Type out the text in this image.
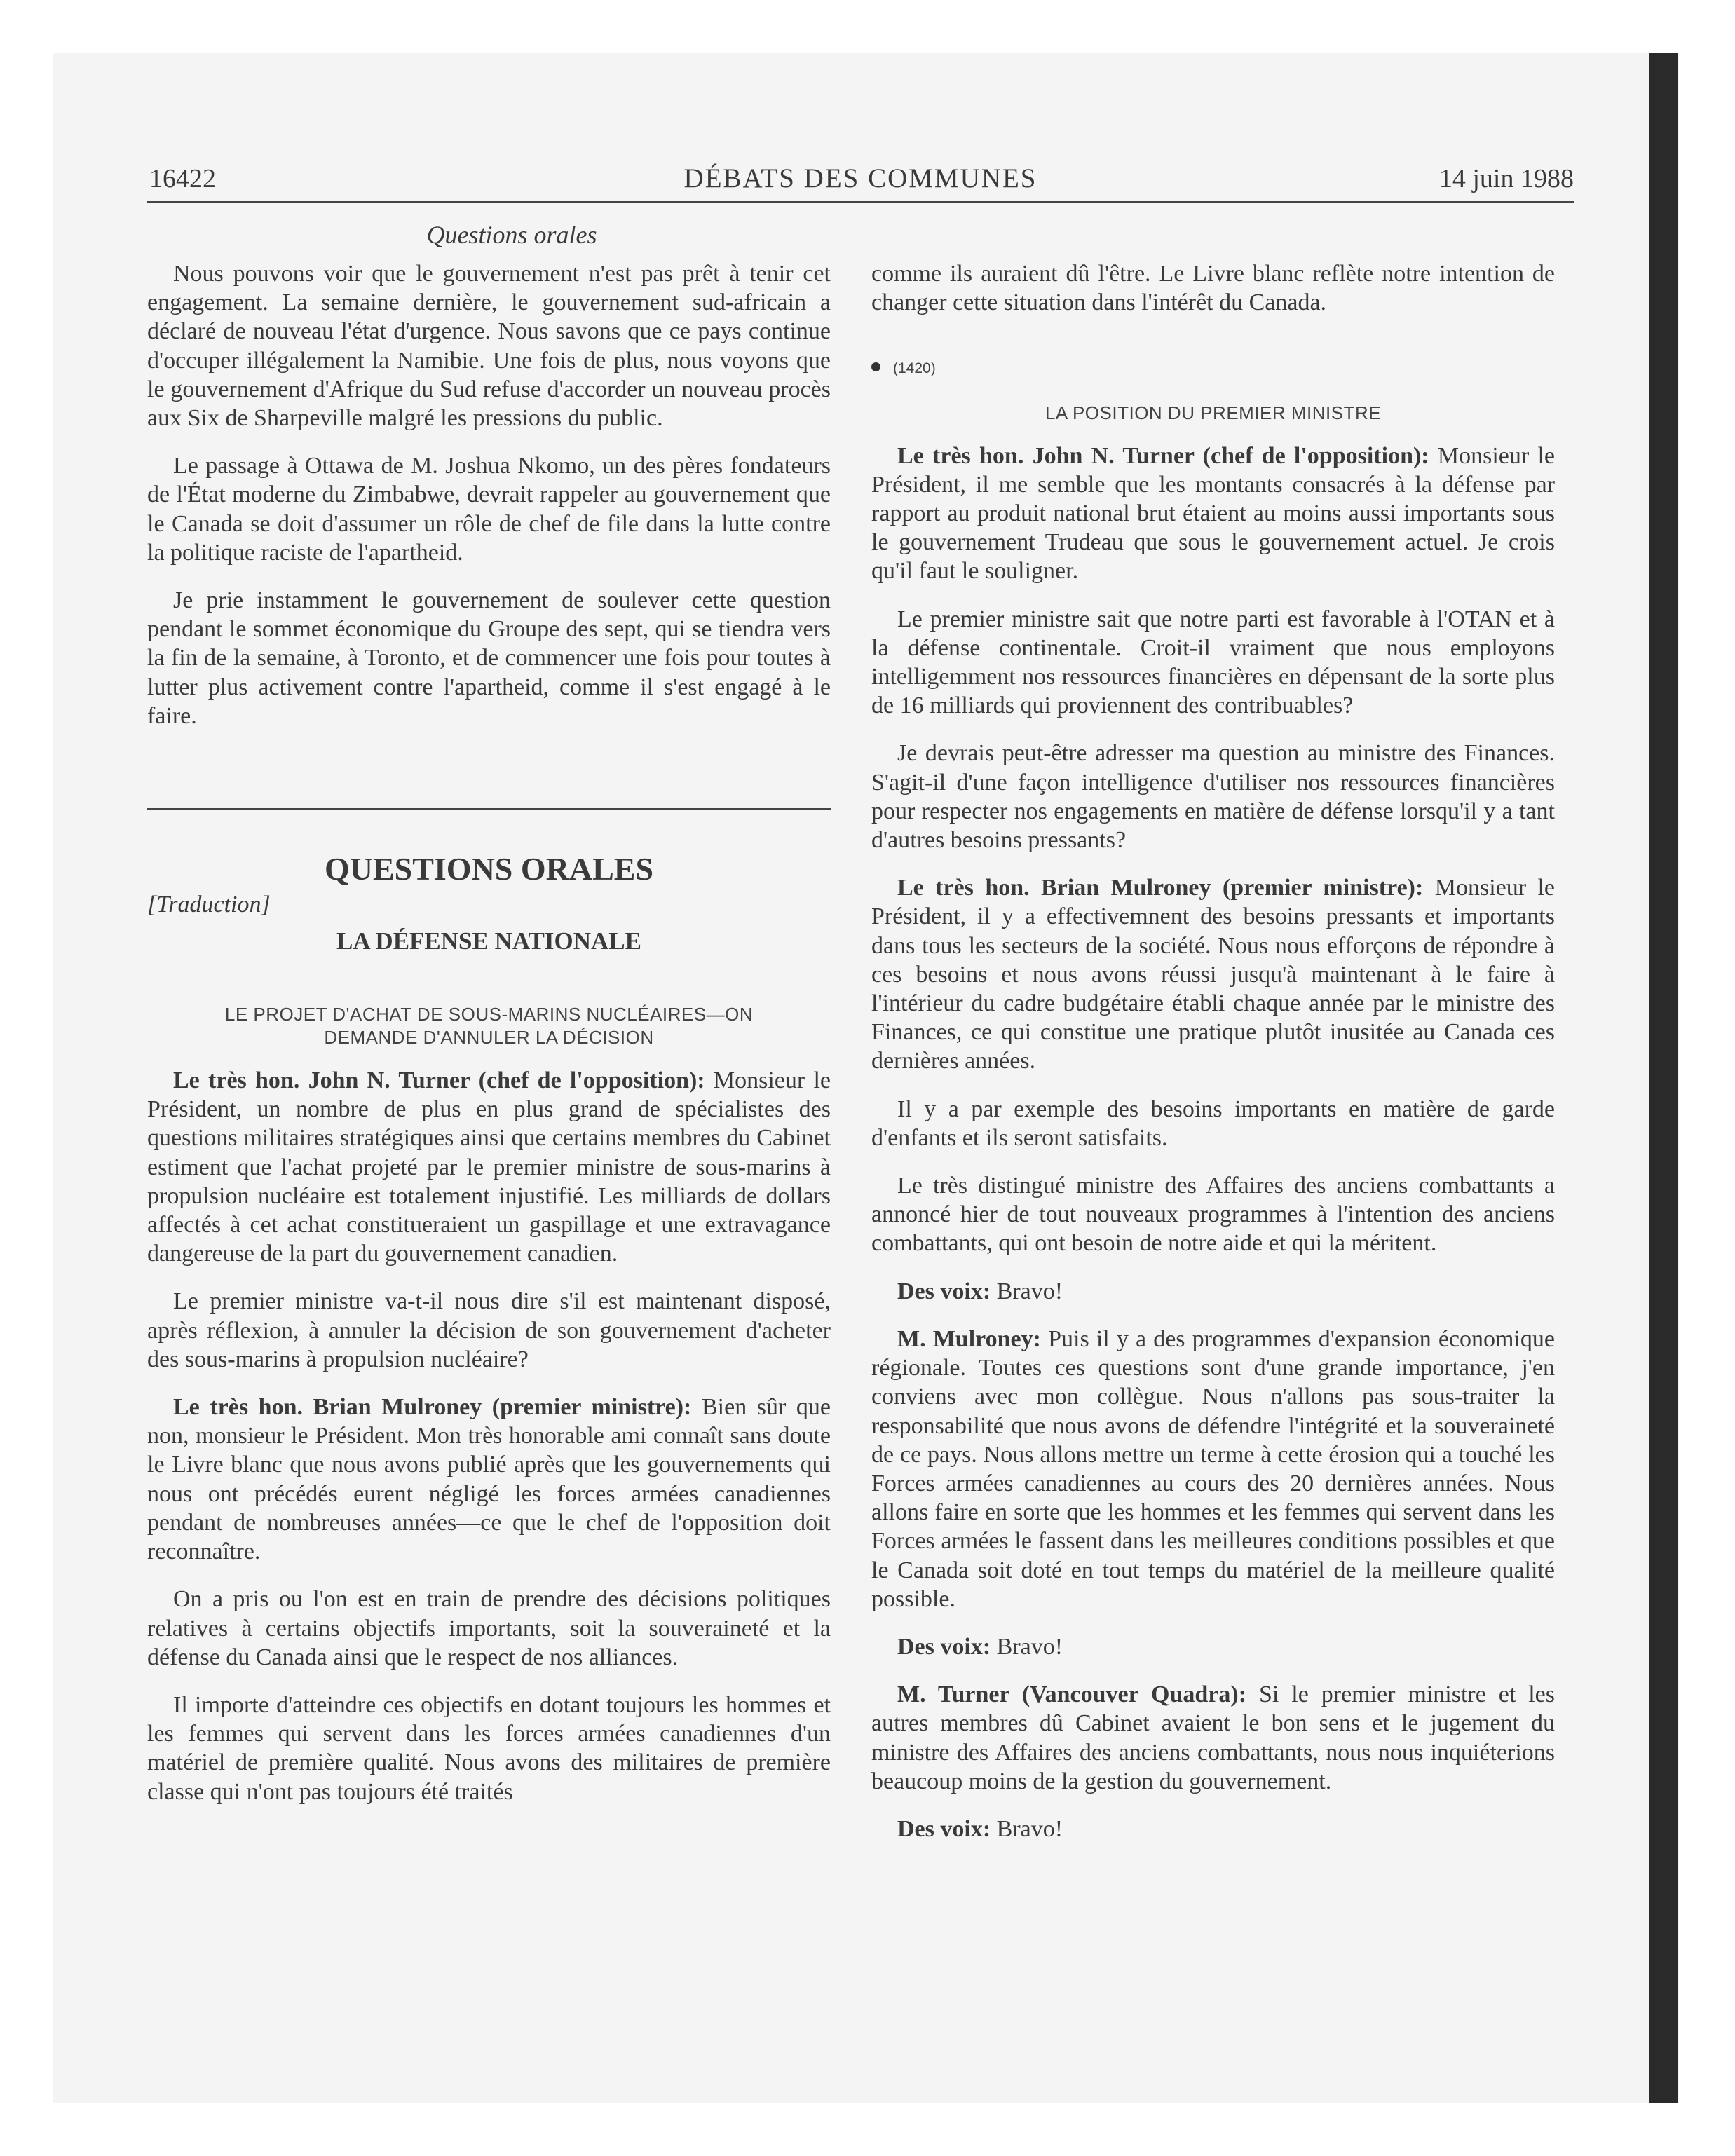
16422	DÉBATS DES COMMUNES	14 juin 1988
Questions orales

Nous pouvons voir que le gouvernement n'est pas prêt à tenir cet engagement. La semaine dernière, le gouvernement sud-africain a déclaré de nouveau l'état d'urgence. Nous savons que ce pays continue d'occuper illégalement la Namibie. Une fois de plus, nous voyons que le gouvernement d'Afrique du Sud refuse d'accorder un nouveau procès aux Six de Sharpeville malgré les pressions du public.

Le passage à Ottawa de M. Joshua Nkomo, un des pères fondateurs de l'État moderne du Zimbabwe, devrait rappeler au gouvernement que le Canada se doit d'assumer un rôle de chef de file dans la lutte contre la politique raciste de l'apartheid.

Je prie instamment le gouvernement de soulever cette question pendant le sommet économique du Groupe des sept, qui se tiendra vers la fin de la semaine, à Toronto, et de commencer une fois pour toutes à lutter plus activement contre l'apartheid, comme il s'est engagé à le faire.

QUESTIONS ORALES
[Traduction]
LA DÉFENSE NATIONALE
LE PROJET D'ACHAT DE SOUS-MARINS NUCLÉAIRES—ON
DEMANDE D'ANNULER LA DÉCISION

Le très hon. John N. Turner (chef de l'opposition): Monsieur le Président, un nombre de plus en plus grand de spécialistes des questions militaires stratégiques ainsi que certains membres du Cabinet estiment que l'achat projeté par le premier ministre de sous-marins à propulsion nucléaire est totalement injustifié. Les milliards de dollars affectés à cet achat constitueraient un gaspillage et une extravagance dangereuse de la part du gouvernement canadien.

Le premier ministre va-t-il nous dire s'il est maintenant disposé, après réflexion, à annuler la décision de son gouvernement d'acheter des sous-marins à propulsion nucléaire?

Le très hon. Brian Mulroney (premier ministre): Bien sûr que non, monsieur le Président. Mon très honorable ami connaît sans doute le Livre blanc que nous avons publié après que les gouvernements qui nous ont précédés eurent négligé les forces armées canadiennes pendant de nombreuses années—ce que le chef de l'opposition doit reconnaître.

On a pris ou l'on est en train de prendre des décisions politiques relatives à certains objectifs importants, soit la souveraineté et la défense du Canada ainsi que le respect de nos alliances.

Il importe d'atteindre ces objectifs en dotant toujours les hommes et les femmes qui servent dans les forces armées canadiennes d'un matériel de première qualité. Nous avons des militaires de première classe qui n'ont pas toujours été traités

comme ils auraient dû l'être. Le Livre blanc reflète notre intention de changer cette situation dans l'intérêt du Canada.

(1420)
LA POSITION DU PREMIER MINISTRE

Le très hon. John N. Turner (chef de l'opposition): Monsieur le Président, il me semble que les montants consacrés à la défense par rapport au produit national brut étaient au moins aussi importants sous le gouvernement Trudeau que sous le gouvernement actuel. Je crois qu'il faut le souligner.

Le premier ministre sait que notre parti est favorable à l'OTAN et à la défense continentale. Croit-il vraiment que nous employons intelligemment nos ressources financières en dépensant de la sorte plus de 16 milliards qui proviennent des contribuables?

Je devrais peut-être adresser ma question au ministre des Finances. S'agit-il d'une façon intelligence d'utiliser nos ressources financières pour respecter nos engagements en matière de défense lorsqu'il y a tant d'autres besoins pressants?

Le très hon. Brian Mulroney (premier ministre): Monsieur le Président, il y a effectivemnent des besoins pressants et importants dans tous les secteurs de la société. Nous nous efforçons de répondre à ces besoins et nous avons réussi jusqu'à maintenant à le faire à l'intérieur du cadre budgétaire établi chaque année par le ministre des Finances, ce qui constitue une pratique plutôt inusitée au Canada ces dernières années.

Il y a par exemple des besoins importants en matière de garde d'enfants et ils seront satisfaits.

Le très distingué ministre des Affaires des anciens combattants a annoncé hier de tout nouveaux programmes à l'intention des anciens combattants, qui ont besoin de notre aide et qui la méritent.

Des voix: Bravo!

M. Mulroney: Puis il y a des programmes d'expansion économique régionale. Toutes ces questions sont d'une grande importance, j'en conviens avec mon collègue. Nous n'allons pas sous-traiter la responsabilité que nous avons de défendre l'intégrité et la souveraineté de ce pays. Nous allons mettre un terme à cette érosion qui a touché les Forces armées canadiennes au cours des 20 dernières années. Nous allons faire en sorte que les hommes et les femmes qui servent dans les Forces armées le fassent dans les meilleures conditions possibles et que le Canada soit doté en tout temps du matériel de la meilleure qualité possible.

Des voix: Bravo!

M. Turner (Vancouver Quadra): Si le premier ministre et les autres membres dû Cabinet avaient le bon sens et le jugement du ministre des Affaires des anciens combattants, nous nous inquiéterions beaucoup moins de la gestion du gouvernement.

Des voix: Bravo!
